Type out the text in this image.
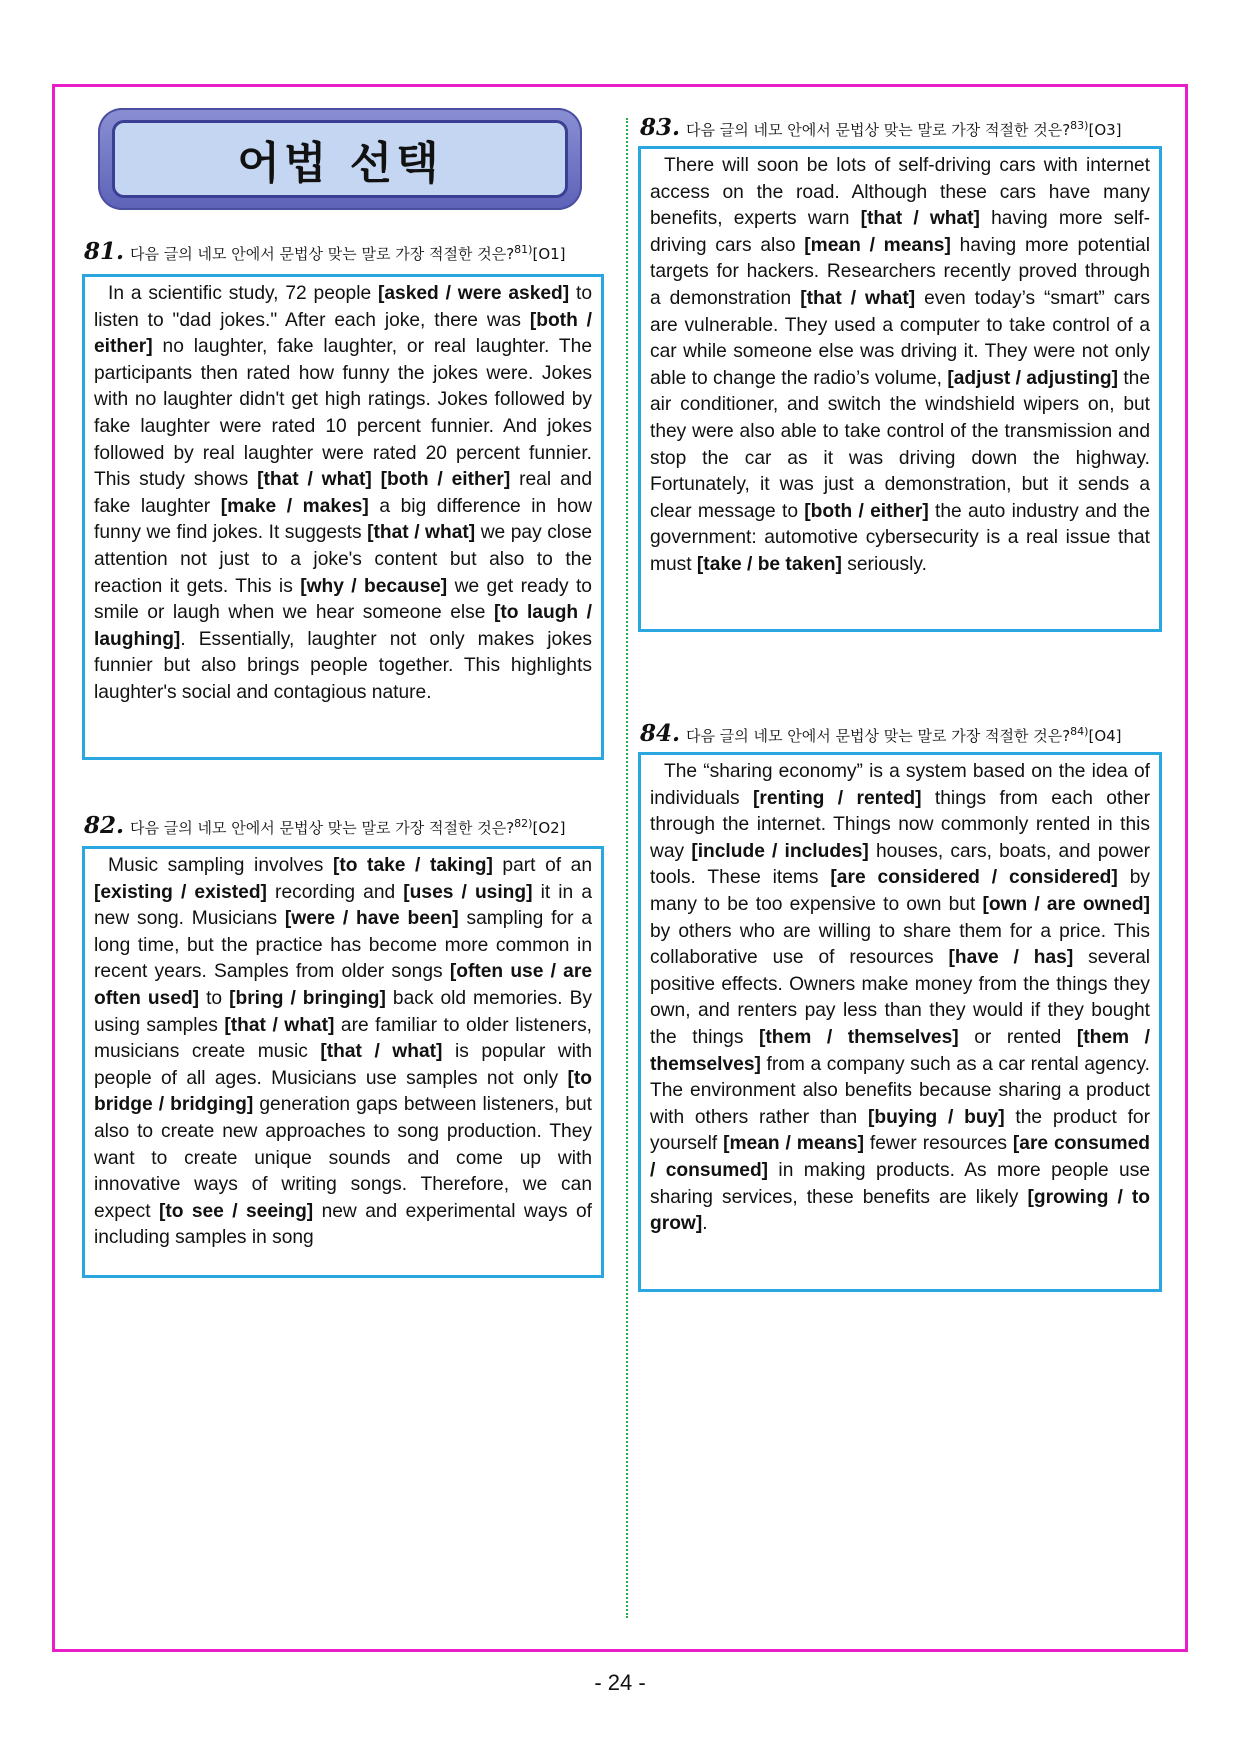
어법 선택
81. 다음 글의 네모 안에서 문법상 맞는 말로 가장 적절한 것은?$^{81)}$[O1]
In a scientific study, 72 people [asked / were asked] to listen to "dad jokes." After each joke, there was [both / either] no laughter, fake laughter, or real laughter. The participants then rated how funny the jokes were. Jokes with no laughter didn't get high ratings. Jokes followed by fake laughter were rated 10 percent funnier. And jokes followed by real laughter were rated 20 percent funnier. This study shows [that / what] [both / either] real and fake laughter [make / makes] a big difference in how funny we find jokes. It suggests [that / what] we pay close attention not just to a joke's content but also to the reaction it gets. This is [why / because] we get ready to smile or laugh when we hear someone else [to laugh / laughing]. Essentially, laughter not only makes jokes funnier but also brings people together. This highlights laughter's social and contagious nature.
82. 다음 글의 네모 안에서 문법상 맞는 말로 가장 적절한 것은?$^{82)}$[O2]
Music sampling involves [to take / taking] part of an [existing / existed] recording and [uses / using] it in a new song. Musicians [were / have been] sampling for a long time, but the practice has become more common in recent years. Samples from older songs [often use / are often used] to [bring / bringing] back old memories. By using samples [that / what] are familiar to older listeners, musicians create music [that / what] is popular with people of all ages. Musicians use samples not only [to bridge / bridging] generation gaps between listeners, but also to create new approaches to song production. They want to create unique sounds and come up with innovative ways of writing songs. Therefore, we can expect [to see / seeing] new and experimental ways of including samples in song
83. 다음 글의 네모 안에서 문법상 맞는 말로 가장 적절한 것은?$^{83)}$[O3]
There will soon be lots of self-driving cars with internet access on the road. Although these cars have many benefits, experts warn [that / what] having more self-driving cars also [mean / means] having more potential targets for hackers. Researchers recently proved through a demonstration [that / what] even today’s “smart” cars are vulnerable. They used a computer to take control of a car while someone else was driving it. They were not only able to change the radio’s volume, [adjust / adjusting] the air conditioner, and switch the windshield wipers on, but they were also able to take control of the transmission and stop the car as it was driving down the highway. Fortunately, it was just a demonstration, but it sends a clear message to [both / either] the auto industry and the government: automotive cybersecurity is a real issue that must [take / be taken] seriously.
84. 다음 글의 네모 안에서 문법상 맞는 말로 가장 적절한 것은?$^{84)}$[O4]
The “sharing economy” is a system based on the idea of individuals [renting / rented] things from each other through the internet. Things now commonly rented in this way [include / includes] houses, cars, boats, and power tools. These items [are considered / considered] by many to be too expensive to own but [own / are owned] by others who are willing to share them for a price. This collaborative use of resources [have / has] several positive effects. Owners make money from the things they own, and renters pay less than they would if they bought the things [them / themselves] or rented [them / themselves] from a company such as a car rental agency. The environment also benefits because sharing a product with others rather than [buying / buy] the product for yourself [mean / means] fewer resources [are consumed / consumed] in making products. As more people use sharing services, these benefits are likely [growing / to grow].
- 24 -
